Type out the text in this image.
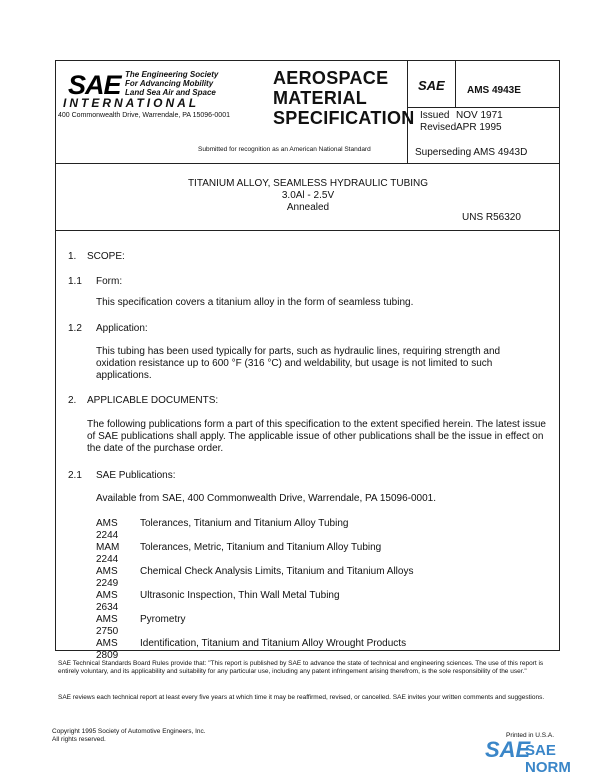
SAE The Engineering Society
For Advancing Mobility
Land Sea Air and Space
INTERNATIONAL
400 Commonwealth Drive, Warrendale, PA 15096-0001
AEROSPACE
MATERIAL
SPECIFICATION
Submitted for recognition as an American National Standard
SAE AMS 4943E
Issued
Revised
NOV 1971
APR 1995
Superseding AMS 4943D
TITANIUM ALLOY, SEAMLESS HYDRAULIC TUBING
3.0Al - 2.5V
Annealed
UNS R56320
1. SCOPE:
1.1 Form:
This specification covers a titanium alloy in the form of seamless tubing.
1.2 Application:
This tubing has been used typically for parts, such as hydraulic lines, requiring strength and oxidation resistance up to 600 °F (316 °C) and weldability, but usage is not limited to such applications.
2. APPLICABLE DOCUMENTS:
The following publications form a part of this specification to the extent specified herein. The latest issue of SAE publications shall apply. The applicable issue of other publications shall be the issue in effect on the date of the purchase order.
2.1 SAE Publications:
Available from SAE, 400 Commonwealth Drive, Warrendale, PA 15096-0001.
AMS 2244
Tolerances, Titanium and Titanium Alloy Tubing
MAM 2244
Tolerances, Metric, Titanium and Titanium Alloy Tubing
AMS 2249
Chemical Check Analysis Limits, Titanium and Titanium Alloys
AMS 2634
Ultrasonic Inspection, Thin Wall Metal Tubing
AMS 2750
Pyrometry
AMS 2809
Identification, Titanium and Titanium Alloy Wrought Products
SAE Technical Standards Board Rules provide that: "This report is published by SAE to advance the state of technical and engineering sciences. The use of this report is entirely voluntary, and its applicability and suitability for any particular use, including any patent infringement arising therefrom, is the sole responsibility of the user."
SAE reviews each technical report at least every five years at which time it may be reaffirmed, revised, or cancelled. SAE invites your written comments and suggestions.
Copyright 1995 Society of Automotive Engineers, Inc.
All rights reserved.
Printed in U.S.A.
SAE
SAE NORM
